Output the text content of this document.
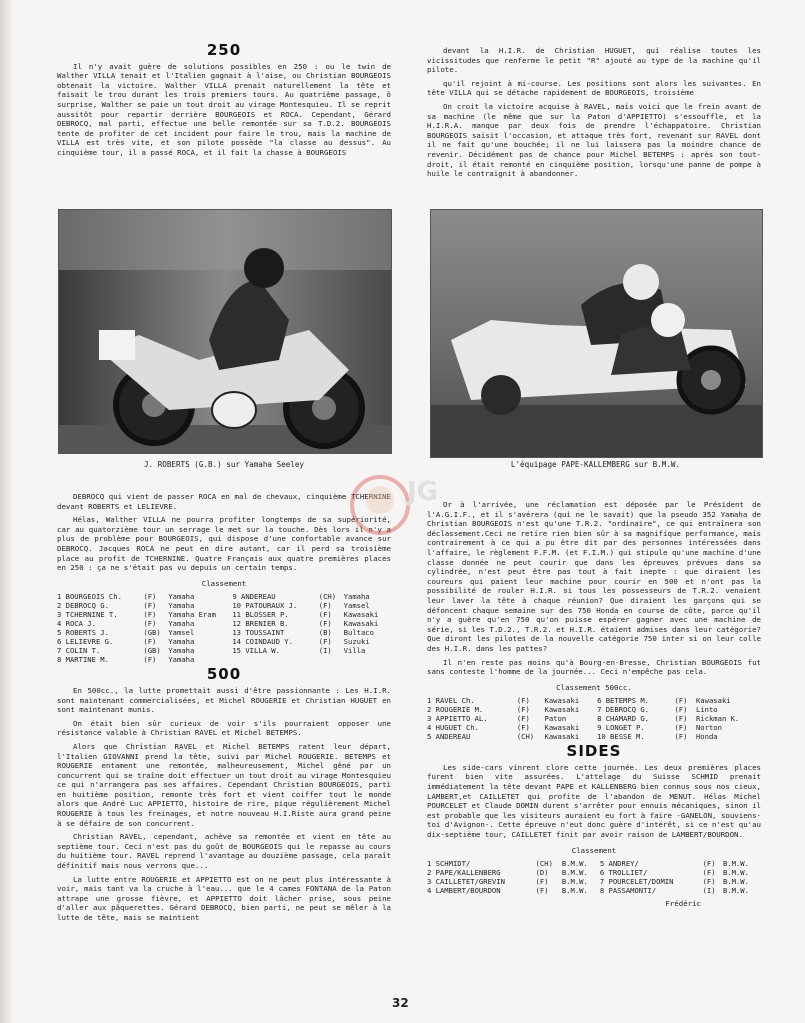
250

Il n'y avait guère de solutions possibles en 250 : ou le twin de Walther VILLA tenait et l'Italien gagnait à l'aise, ou Christian BOURGEOIS obtenait la victoire. Walther VILLA prenait naturellement la tête et faisait le trou durant les trois premiers tours. Au quatrième passage, ô surprise, Walther se paie un tout droit au virage Montesquieu. Il se reprit aussitôt pour repartir derrière BOURGEOIS et ROCA. Cependant, Gérard DEBROCQ, mal parti, effectue une belle remontée sur sa T.D.2. BOURGEOIS tente de profiter de cet incident pour faire le trou, mais la machine de VILLA est très vite, et son pilote possède "la classe au dessus". Au cinquième tour, il a passé ROCA, et il fait la chasse à BOURGEOIS

J. ROBERTS (G.B.) sur Yamaha Seeley

DEBROCQ qui vient de passer ROCA en mal de chevaux, cinquième TCHERNINE devant ROBERTS et LELIEVRE.

Hélas, Walther VILLA ne pourra profiter longtemps de sa supériorité, car au quatorzième tour un serrage le met sur la touche. Dès lors il n'y a plus de problème pour BOURGEOIS, qui dispose d'une confortable avance sur DEBROCQ. Jacques ROCA ne peut en dire autant, car il perd sa troisième place au profit de TCHERNINE. Quatre Français aux quatre premières places en 250 : ça ne s'était pas vu depuis un certain temps.

Classement
1 BOURGEOIS Ch.	(F)	Yamaha	9 ANDEREAU	(CH)	Yamaha
2 DEBROCQ G.	(F)	Yamaha	10 PATOURAUX J.	(F)	Yamsel
3 TCHERNINE T.	(F)	Yamaha Eram	11 BLOSSER P.	(F)	Kawasaki
4 ROCA J.	(F)	Yamaha	12 BRENIER B.	(F)	Kawasaki
5 ROBERTS J.	(GB)	Yamsel	13 TOUSSAINT	(B)	Bultaco
6 LELIEVRE G.	(F)	Yamaha	14 COINDAUD Y.	(F)	Suzuki
7 COLIN T.	(GB)	Yamaha	15 VILLA W.	(I)	Villa
8 MARTINE M.	(F)	Yamaha			
500

En 500cc., la lutte promettait aussi d'être passionnante : Les H.I.R. sont maintenant commercialisées, et Michel ROUGERIE et Christian HUGUET en sont maintenant munis.

On était bien sûr curieux de voir s'ils pourraient opposer une résistance valable à Christian RAVEL et Michel BETEMPS.

Alors que Christian RAVEL et Michel BETEMPS ratent leur départ, l'Italien GIOVANNI prend la tête, suivi par Michel ROUGERIE. BETEMPS et ROUGERIE entament une remontée, malheureusement, Michel gêné par un concurrent qui se traîne doit effectuer un tout droit au virage Montesquieu ce qui n'arrangera pas ses affaires. Cependant Christian BOURGEOIS, parti en huitième position, remonte très fort et vient coiffer tout le monde alors que André Luc APPIETTO, histoire de rire, pique régulièrement Michel ROUGERIE à tous les freinages, et notre nouveau H.I.Riste aura grand peine à se défaire de son concurrent.

Christian RAVEL, cependant, achève sa remontée et vient en tête au septième tour. Ceci n'est pas du goût de BOURGEOIS qui le repasse au cours du huitième tour. RAVEL reprend l'avantage au douzième passage, cela paraît définitif mais nous verrons que...

La lutte entre ROUGERIE et APPIETTO est on ne peut plus intéressante à voir, mais tant va la cruche à l'eau... que le 4 cames FONTANA de la Paton attrape une grosse fièvre, et APPIETTO doit lâcher prise, sous peine d'aller aux pâquerettes. Gérard DEBROCQ, bien parti, ne peut se mêler à la lutte de tête, mais se maintient

devant la H.I.R. de Christian HUGUET, qui réalise toutes les vicissitudes que renferme le petit "R" ajouté au type de la machine qu'il pilote.

qu'il rejoint à mi-course. Les positions sont alors les suivantes. En tête VILLA qui se détache rapidement de BOURGEOIS, troisième

On croit la victoire acquise à RAVEL, mais voici que le frein avant de sa machine (le même que sur la Paton d'APPIETTO) s'essouffle, et la H.I.R.A. manque par deux fois de prendre l'échappatoire. Christian BOURGEOIS saisit l'occasion, et attaque très fort, revenant sur RAVEL dont il ne fait qu'une bouchée; il ne lui laissera pas la moindre chance de revenir. Décidément pas de chance pour Michel BETEMPS : après son tout-droit, il était remonté en cinquième position, lorsqu'une panne de pompe à huile le contraignit à abandonner.

L'équipage PAPE-KALLEMBERG sur B.M.W.

Or à l'arrivée, une réclamation est déposée par le Président de l'A.G.I.F., et il s'avérera (qui ne le savait) que la pseudo 352 Yamaha de Christian BOURGEOIS n'est qu'une T.R.2. "ordinaire", ce qui entraînera son déclassement.Ceci ne retire rien bien sûr à sa magnifique performance, mais contrairement à ce qui a pu être dit par des personnes intéressées dans l'affaire, le règlement F.F.M. (et F.I.M.) qui stipule qu'une machine d'une classe donnée ne peut courir que dans les épreuves prévues dans sa cylindrée, n'est peut être pas tout à fait inepte : que diraient les coureurs qui paient leur machine pour courir en 500 et n'ont pas la possibilité de rouler H.I.R. si tous les possesseurs de T.R.2. venaient leur laver la tête à chaque réunion? Que diraient les garçons qui se défoncent chaque semaine sur des 750 Honda en course de côte, parce qu'il n'y a guère qu'en 750 qu'on puisse espérer gagner avec une machine de série, si les T.D.2., T.R.2. et H.I.R. étaient admises dans leur catégorie? Que diront les pilotes de la nouvelle catégorie 750 inter si on leur colle des H.I.R. dans les pattes?

Il n'en reste pas moins qu'à Bourg-en-Bresse, Christian BOURGEOIS fut sans conteste l'homme de la journée... Ceci n'empêche pas cela.

Classement 500cc.
1 RAVEL Ch.	(F)	Kawasaki	6 BETEMPS M.	(F)	Kawasaki
2 ROUGERIE M.	(F)	Kawasaki	7 DEBROCQ G.	(F)	Linto
3 APPIETTO AL.	(F)	Paton	8 CHAMARD G.	(F)	Rickman K.
4 HUGUET Ch.	(F)	Kawasaki	9 LONGET P.	(F)	Norton
5 ANDEREAU	(CH)	Kawasaki	10 BESSE M.	(F)	Honda
SIDES

Les side-cars vinrent clore cette journée. Les deux premières places furent bien vite assurées. L'attelage du Suisse SCHMID prenait immédiatement la tête devant PAPE et KALLENBERG bien connus sous nos cieux, LAMBERT,et CAILLETET qui profite de l'abandon de MENUT. Hélas Michel POURCELET et Claude DOMIN durent s'arrêter pour ennuis mécaniques, sinon il est probable que les visiteurs auraient eu fort à faire -GANELON, souviens-toi d'Avignon-. Cette épreuve n'eut donc guère d'intérêt, si ce n'est qu'au dix-septième tour, CAILLETET finit par avoir raison de LAMBERT/BOURDON.

Classement
1 SCHMIDT/	(CH)	B.M.W.	5 ANDREY/	(F)	B.M.W.
2 PAPE/KALLENBERG	(D)	B.M.W.	6 TROLLIET/	(F)	B.M.W.
3 CAILLETET/GREVIN	(F)	B.M.W.	7 POURCELET/DOMIN	(F)	B.M.W.
4 LAMBERT/BOURDON	(F)	B.M.W.	8 PASSAMONTI/	(I)	B.M.W.
Frédéric
JG
32
